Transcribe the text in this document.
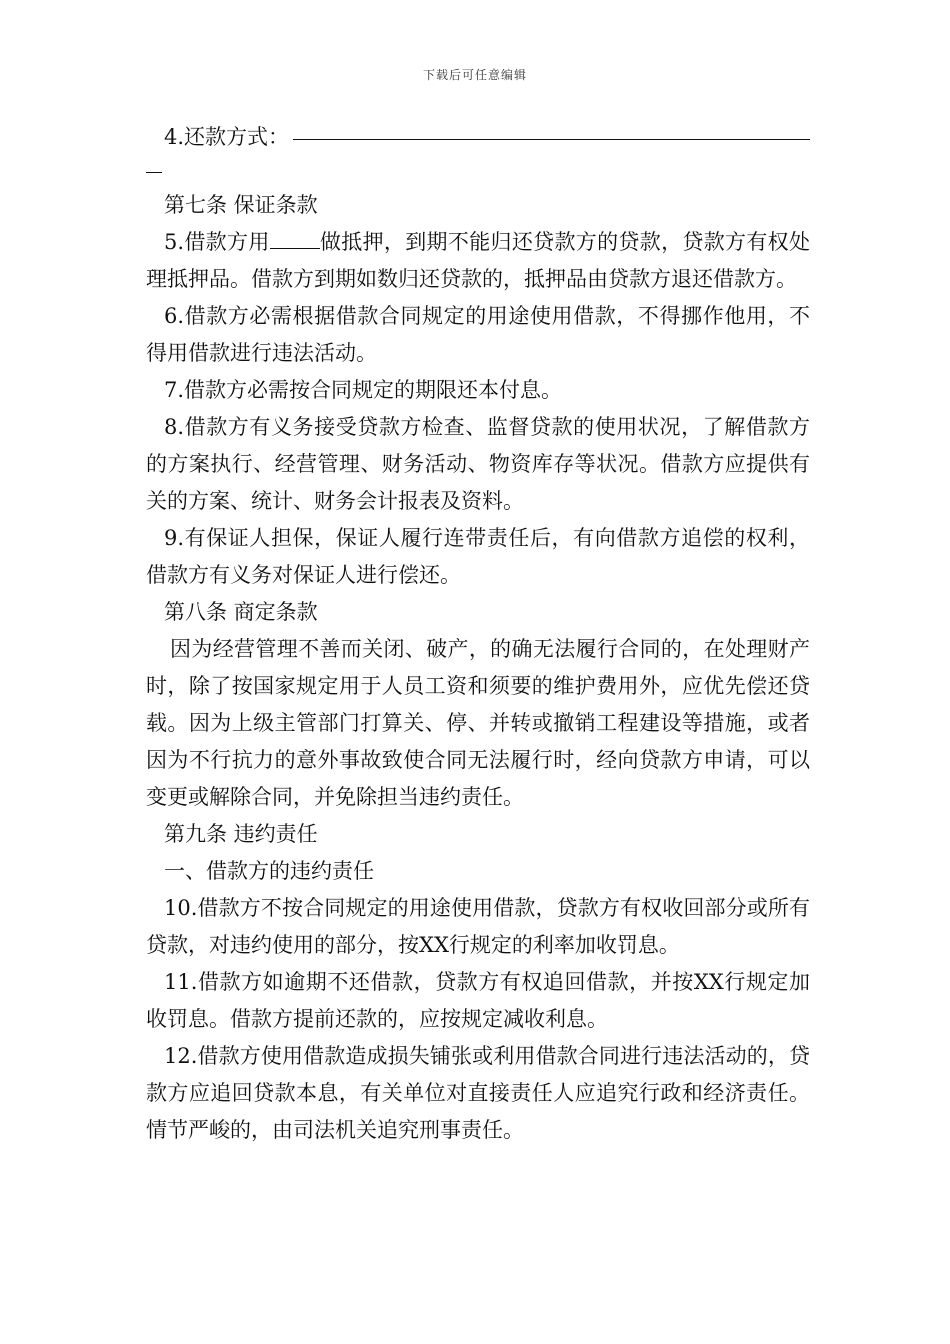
下载后可任意编辑
4.还款方式：

第七条 保证条款

5.借款方用 做抵押，到期不能归还贷款方的贷款，贷款方有权处理抵押品。借款方到期如数归还贷款的，抵押品由贷款方退还借款方。

6.借款方必需根据借款合同规定的用途使用借款，不得挪作他用，不得用借款进行违法活动。

7.借款方必需按合同规定的期限还本付息。

8.借款方有义务接受贷款方检查、监督贷款的使用状况，了解借款方的方案执行、经营管理、财务活动、物资库存等状况。借款方应提供有关的方案、统计、财务会计报表及资料。

9.有保证人担保，保证人履行连带责任后，有向借款方追偿的权利，借款方有义务对保证人进行偿还。

第八条 商定条款

因为经营管理不善而关闭、破产，的确无法履行合同的，在处理财产时，除了按国家规定用于人员工资和须要的维护费用外，应优先偿还贷载。因为上级主管部门打算关、停、并转或撤销工程建设等措施，或者因为不行抗力的意外事故致使合同无法履行时，经向贷款方申请，可以变更或解除合同，并免除担当违约责任。

第九条 违约责任

一、借款方的违约责任

10.借款方不按合同规定的用途使用借款，贷款方有权收回部分或所有贷款，对违约使用的部分，按XX行规定的利率加收罚息。

11.借款方如逾期不还借款，贷款方有权追回借款，并按XX行规定加收罚息。借款方提前还款的，应按规定减收利息。

12.借款方使用借款造成损失铺张或利用借款合同进行违法活动的，贷款方应追回贷款本息，有关单位对直接责任人应追究行政和经济责任。情节严峻的，由司法机关追究刑事责任。
